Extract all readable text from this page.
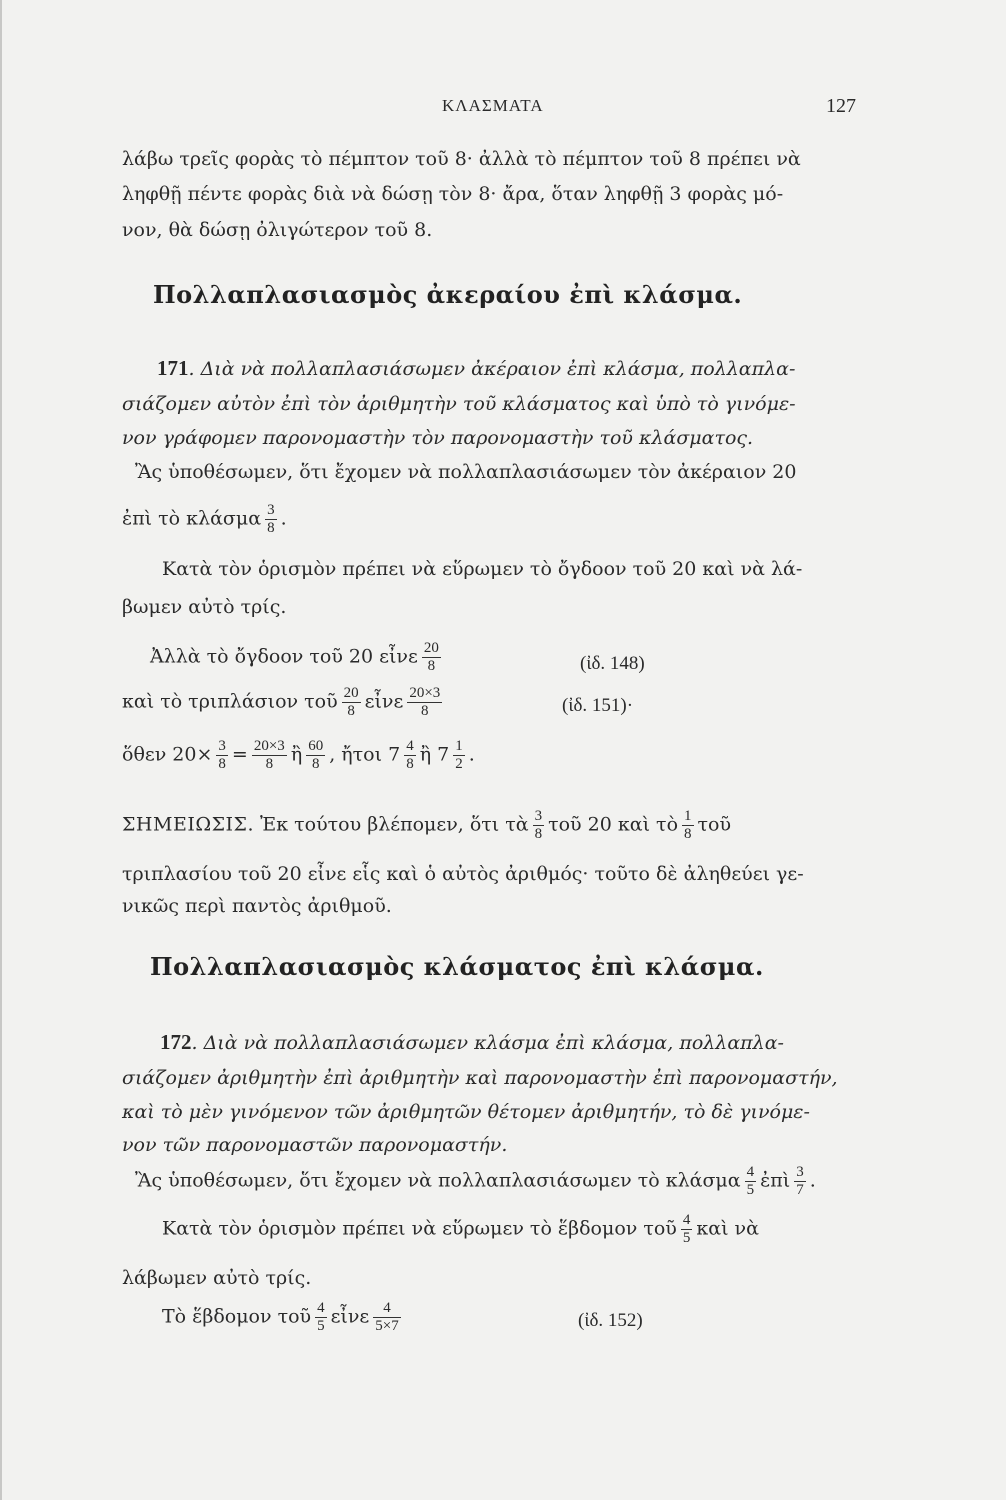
ΚΛΑΣΜΑΤΑ	127
λάβω τρεῖς φορὰς τὸ πέμπτον τοῦ 8· ἀλλὰ τὸ πέμπτον τοῦ 8 πρέπει νὰ
ληφθῇ πέντε φορὰς διὰ νὰ δώσῃ τὸν 8· ἄρα, ὅταν ληφθῇ 3 φορὰς μό-
νον, θὰ δώσῃ ὀλιγώτερον τοῦ 8.
Πολλαπλασιασμὸς ἀκεραίου ἐπὶ κλάσμα.
171. Διὰ νὰ πολλαπλασιάσωμεν ἀκέραιον ἐπὶ κλάσμα, πολλαπλα-
σιάζομεν αὐτὸν ἐπὶ τὸν ἀριθμητὴν τοῦ κλάσματος καὶ ὑπὸ τὸ γινόμε-
νον γράφομεν παρονομαστὴν τὸν παρονομαστὴν τοῦ κλάσματος.
Ἂς ὑποθέσωμεν, ὅτι ἔχομεν νὰ πολλαπλασιάσωμεν τὸν ἀκέραιον 20
ἐπὶ τὸ κλάσμα $\frac{3}{8}$ .
Κατὰ τὸν ὁρισμὸν πρέπει νὰ εὕρωμεν τὸ ὄγδοον τοῦ 20 καὶ νὰ λά-
βωμεν αὐτὸ τρίς.
Ἀλλὰ τὸ ὄγδοον τοῦ 20 εἶνε $\frac{20}{8}$	(ἰδ. 148)
καὶ τὸ τριπλάσιον τοῦ $\frac{20}{8}$ εἶνε $\frac{20\times 3}{8}$	(ἰδ. 151)·
ὅθεν $20\times \frac{3}{8} = \frac{20\times 3}{8}$ ἢ $\frac{60}{8}$ , ἤτοι $7 \frac{4}{8}$ ἢ $7 \frac{1}{2}$ .
ΣΗΜΕΙΩΣΙΣ. Ἐκ τούτου βλέπομεν, ὅτι τὰ $\frac{3}{8}$ τοῦ 20 καὶ τὸ $\frac{1}{8}$ τοῦ
τριπλασίου τοῦ 20 εἶνε εἷς καὶ ὁ αὐτὸς ἀριθμός· τοῦτο δὲ ἀληθεύει γε-
νικῶς περὶ παντὸς ἀριθμοῦ.
Πολλαπλασιασμὸς κλάσματος ἐπὶ κλάσμα.
172. Διὰ νὰ πολλαπλασιάσωμεν κλάσμα ἐπὶ κλάσμα, πολλαπλα-
σιάζομεν ἀριθμητὴν ἐπὶ ἀριθμητὴν καὶ παρονομαστὴν ἐπὶ παρονομαστήν,
καὶ τὸ μὲν γινόμενον τῶν ἀριθμητῶν θέτομεν ἀριθμητήν, τὸ δὲ γινόμε-
νον τῶν παρονομαστῶν παρονομαστήν.
Ἂς ὑποθέσωμεν, ὅτι ἔχομεν νὰ πολλαπλασιάσωμεν τὸ κλάσμα $\frac{4}{5}$ ἐπὶ $\frac{3}{7}$ .
Κατὰ τὸν ὁρισμὸν πρέπει νὰ εὕρωμεν τὸ ἕβδομον τοῦ $\frac{4}{5}$ καὶ νὰ
λάβωμεν αὐτὸ τρίς.
Τὸ ἕβδομον τοῦ $\frac{4}{5}$ εἶνε $\frac{4}{5\times 7}$	(ἰδ. 152)
